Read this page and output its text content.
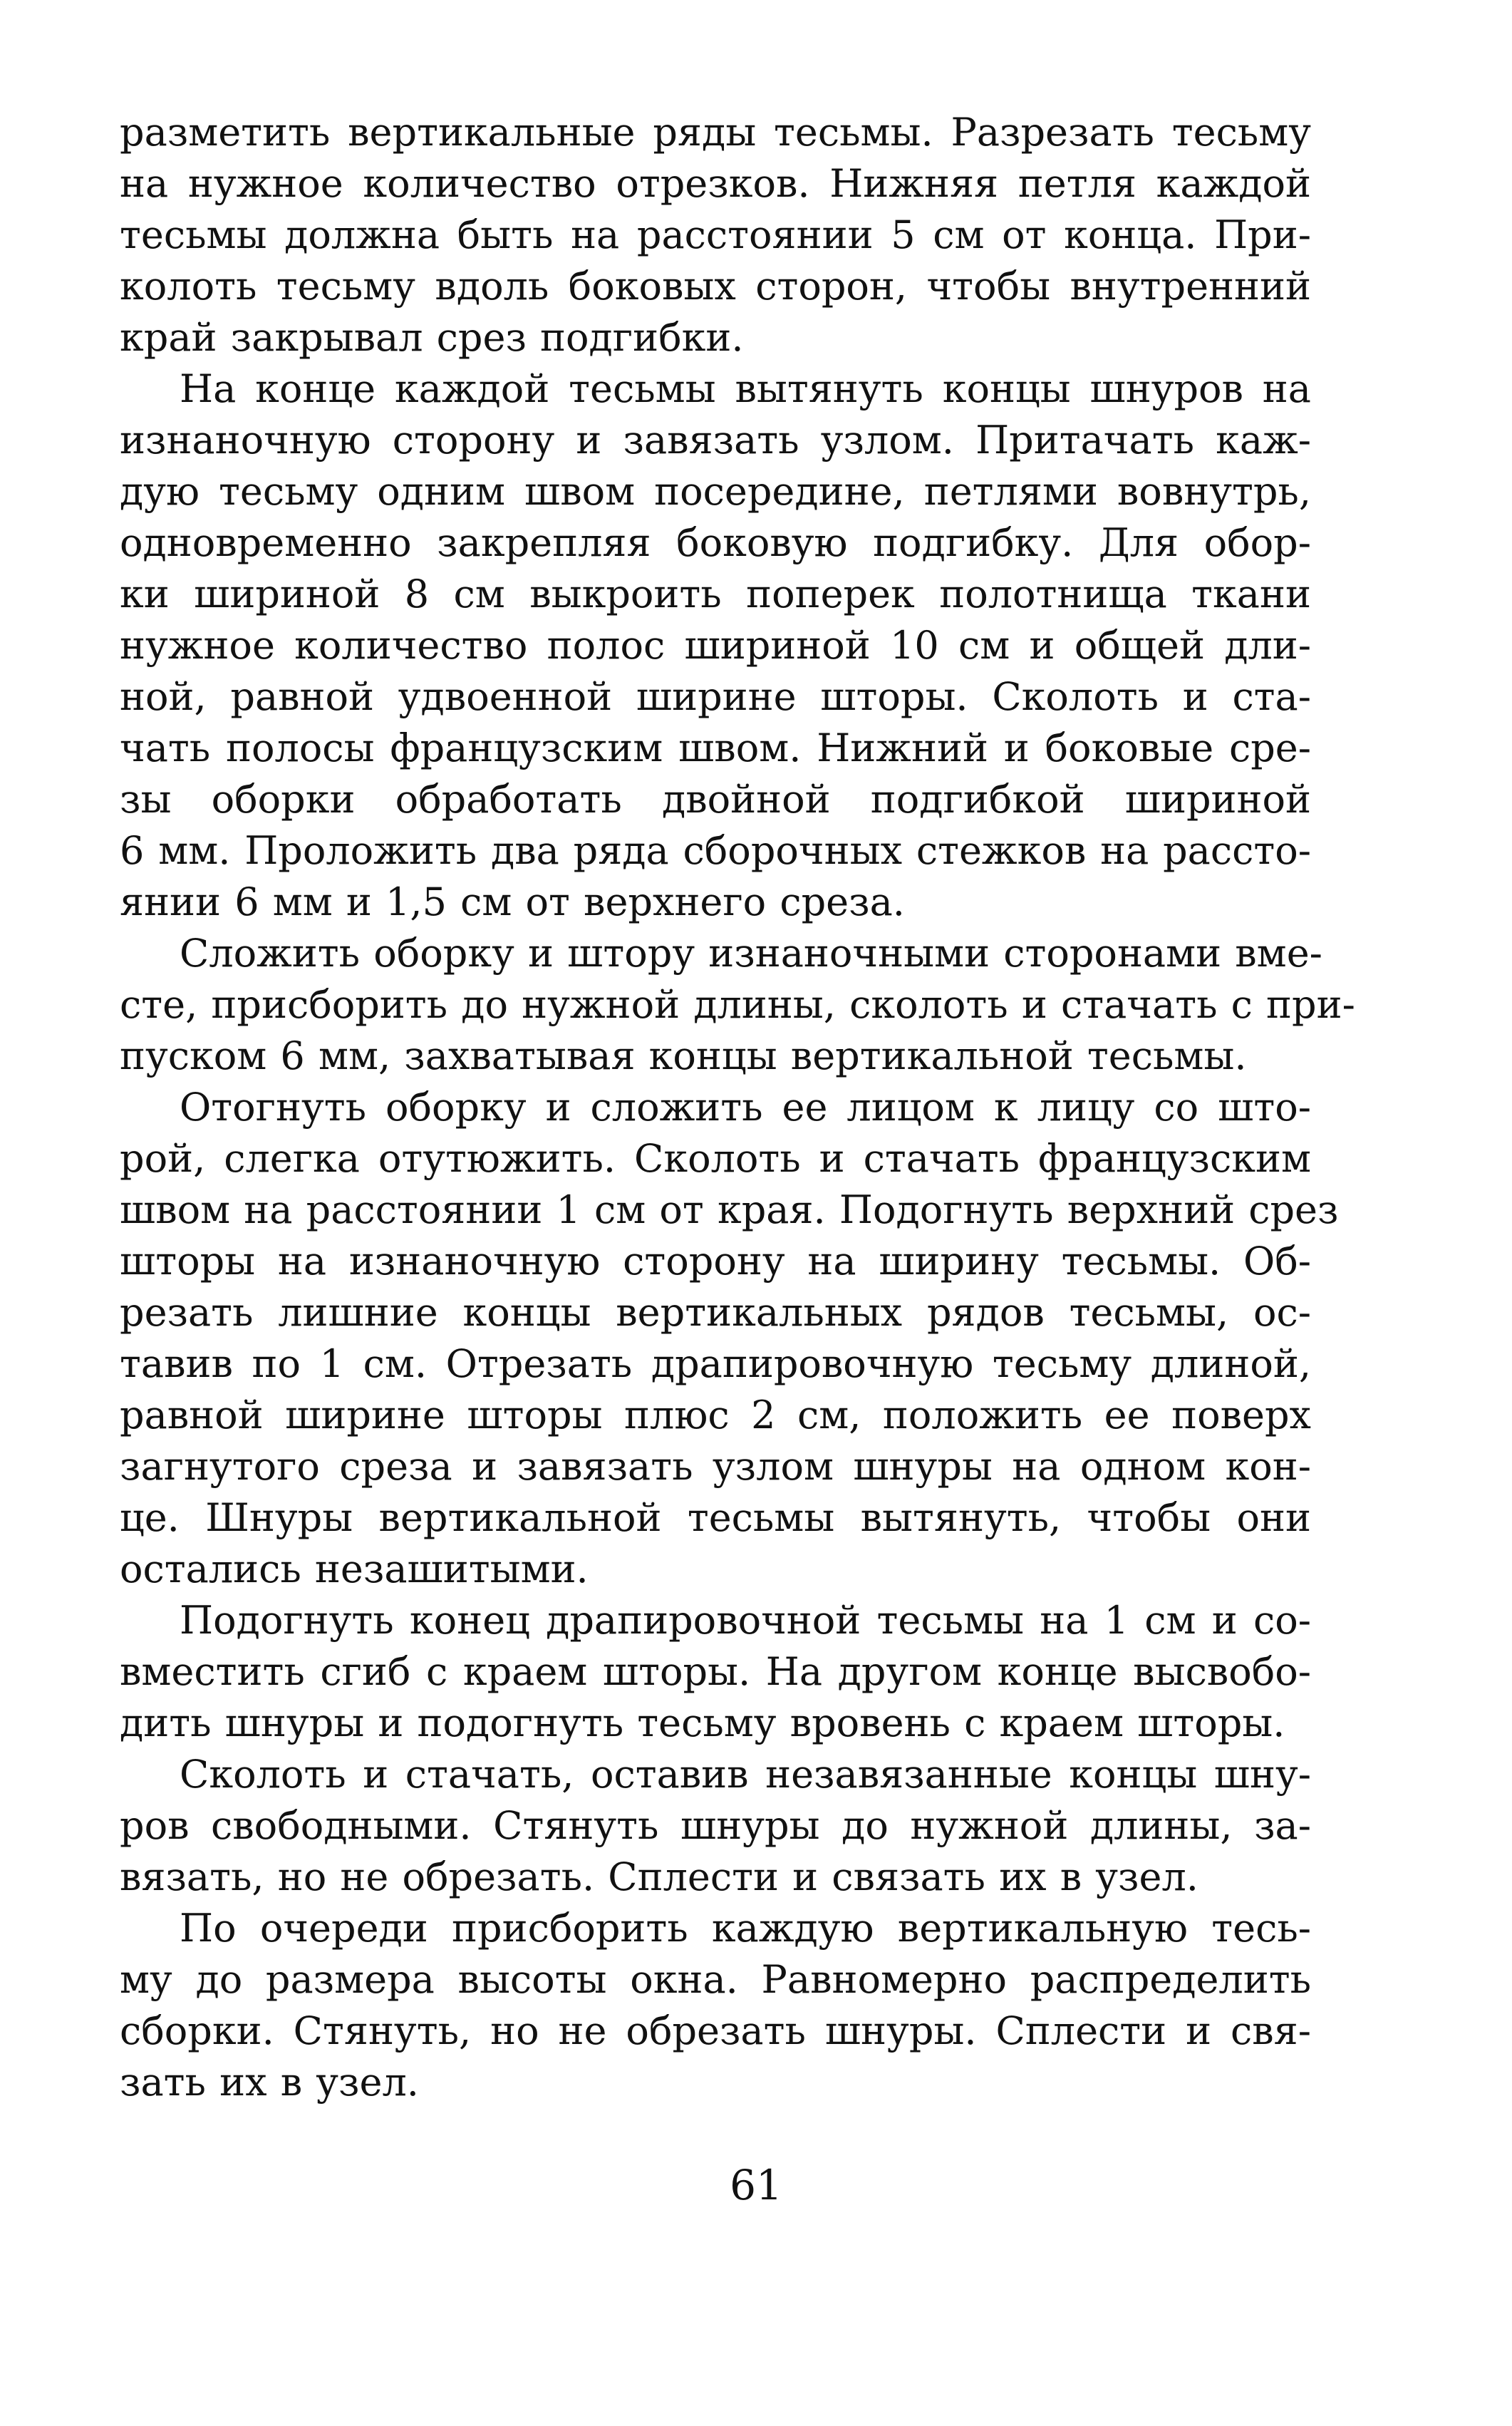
разметить вертикальные ряды тесьмы. Разрезать тесьму
на нужное количество отрезков. Нижняя петля каждой
тесьмы должна быть на расстоянии 5 см от конца. При-
колоть тесьму вдоль боковых сторон, чтобы внутренний
край закрывал срез подгибки.
На конце каждой тесьмы вытянуть концы шнуров на
изнаночную сторону и завязать узлом. Притачать каж-
дую тесьму одним швом посередине, петлями вовнутрь,
одновременно закрепляя боковую подгибку. Для обор-
ки шириной 8 см выкроить поперек полотнища ткани
нужное количество полос шириной 10 см и общей дли-
ной, равной удвоенной ширине шторы. Сколоть и ста-
чать полосы французским швом. Нижний и боковые сре-
зы оборки обработать двойной подгибкой шириной
6 мм. Проложить два ряда сборочных стежков на рассто-
янии 6 мм и 1,5 см от верхнего среза.
Сложить оборку и штору изнаночными сторонами вме-
сте, присборить до нужной длины, сколоть и стачать с при-
пуском 6 мм, захватывая концы вертикальной тесьмы.
Отогнуть оборку и сложить ее лицом к лицу со што-
рой, слегка отутюжить. Сколоть и стачать французским
швом на расстоянии 1 см от края. Подогнуть верхний срез
шторы на изнаночную сторону на ширину тесьмы. Об-
резать лишние концы вертикальных рядов тесьмы, ос-
тавив по 1 см. Отрезать драпировочную тесьму длиной,
равной ширине шторы плюс 2 см, положить ее поверх
загнутого среза и завязать узлом шнуры на одном кон-
це. Шнуры вертикальной тесьмы вытянуть, чтобы они
остались незашитыми.
Подогнуть конец драпировочной тесьмы на 1 см и со-
вместить сгиб с краем шторы. На другом конце высвобо-
дить шнуры и подогнуть тесьму вровень с краем шторы.
Сколоть и стачать, оставив незавязанные концы шну-
ров свободными. Стянуть шнуры до нужной длины, за-
вязать, но не обрезать. Сплести и связать их в узел.
По очереди присборить каждую вертикальную тесь-
му до размера высоты окна. Равномерно распределить
сборки. Стянуть, но не обрезать шнуры. Сплести и свя-
зать их в узел.
61
